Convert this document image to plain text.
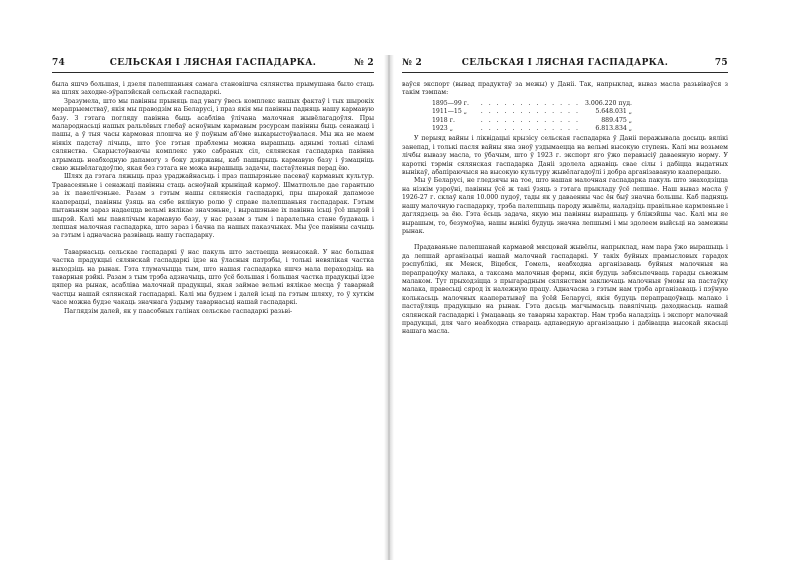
74	СЕЛЬСКАЯ І ЛЯСНАЯ ГАСПАДАРКА.	№ 2

была яшчэ большая, і дзеля палепшаньня самага становішча сялянства прымушана было стаць на шлях заходне-эўрапэйскай сельскай гаспадаркі.

Зразумела, што мы павінны прыняць пад увагу ўвесь комплекс нашых фактаў і тых шырокіх мерапрыемстваў, якія мы праводзім на Беларусі, і праз якія мы павінны падняць нашу кармавую базу. З гэтага погляду павінна быць асабліва ўлічана малочная жывёлагадоўля. Пры малароднасьці нашых ральлёвых глебаў асноўным кармавым рэсурсам павінны быць сенажаці і пашы, а ў тыя часы кармовая плошча не ў поўным аб'ёме выкарыстоўвалася. Мы жа не маем ніякіх падстаў лічыць, што ўсе гэтыя праблемы можна вырашыць аднымі толькі сіламі сялянства. Скарыстоўваючы комплекс ужо сабраных сіл, сялянская гаспадарка павінна атрымаць неабходную дапамогу з боку дзяржавы, каб пашырыць кармавую базу і ўзмацніць сваю жывёлагадоўлю, якая без гэтага не можа вырашыць задачы, пастаўленыя перад ёю.

Шлях да гэтага ляжыць праз ураджайнасьць і праз пашырэньне пасеваў кармавых культур. Травасеяньне і сенажаці павінны стаць асноўнай крыніцай кармоў. Шматпольле дае гарантыю за іх павелічэньне. Разам з гэтым нашы сялянскія гаспадаркі, пры шырокай дапамозе кааперацыі, павінны ўзяць на сябе вялікую ролю ў справе палепшаньня гаспадарак. Гэтым пытаньням зараз надаецца вельмі вялікае значэньне, і вырашэньне іх павінна ісьці ўсё шырэй і шырэй. Калі мы павялічым кармавую базу, у нас разам з тым і паралельна стане будаваць і лепшая малочная гаспадарка, што зараз і бачна па нашых паказчыках. Мы ўсе павінны сачыць за гэтым і адначасна развіваць нашу гаспадарку.

Таварнасьць сельскае гаспадаркі ў нас пакуль што застаецца невысокай. У нас большая частка прадукцыі сялянскай гаспадаркі ідзе на ўласныя патрэбы, і толькі невялікая частка выходзіць на рынак. Гэта тлумачыцца тым, што нашая гаспадарка яшчэ мала пераходзіць на таварныя рэйкі. Разам з тым трэба адзначыць, што ўсё большая і большая частка прадукцыі ідзе цяпер на рынак, асабліва малочнай прадукцыі, якая займае вельмі вялікае месца ў таварнай частцы нашай сялянскай гаспадаркі. Калі мы будзем і далей ісьці па гэтым шляху, то ў хуткім часе можна будзе чакаць значнага ўздыму таварнасьці нашай гаспадаркі.

Паглядзім далей, як у паасобных галінах сельскае гаспадаркі разьві-

№ 2	СЕЛЬСКАЯ І ЛЯСНАЯ ГАСПАДАРКА.	75

ваўся экспорт (вывад прадуктаў за межы) у Даніі. Так, напрыклад, вываз масла разьвіваўся з такім тэмпам:

1895—99 г.	. . . . . . . . . . . . . 3.006.220 пуд.
1911—15 „	. . . . . . . . . . . . .	5.648.031 „
1918 г.	. . . . . . . . . . . . .	889.475 „
1923 „	. . . . . . . . . . . . .	6.813.834 „

У перыяд вайны і ліквідацыі крызісу сельская гаспадарка ў Даніі перажывала досыць вялікі занепад, і толькі пасля вайны яна зноў уздымаецца на вельмі высокую ступень. Калі мы возьмем лічбы вывазу масла, то ўбачым, што ў 1923 г. экспорт яго ўжо перавысіў даваенную норму. У кароткі тэрмін сялянская гаспадарка Даніі здолела аднавіць свае сілы і дабіцца выдатных вынікаў, абапіраючыся на высокую культуру жывёлагадоўлі і добра арганізаваную кааперацыю.

Мы ў Беларусі, не гледзячы на тое, што нашая малочная гаспадарка пакуль што знаходзіцца на нізкім узроўні, павінны ўсё ж такі ўзяць з гэтага прыкладу ўсё лепшае. Наш вываз масла ў 1926-27 г. склаў каля 10.000 пудоў, тады як у даваенны час ён быў значна большы. Каб падняць нашу малочную гаспадарку, трэба палепшыць пароду жывёлы, наладзіць правільнае кармленьне і даглядзець за ёю. Гэта ёсьць задача, якую мы павінны вырашыць у бліжэйшы час. Калі мы яе вырашым, то, безумоўна, нашы вынікі будуць значна лепшымі і мы здолеем выйсьці на замежны рынак.

Прадаваньне палепшанай кармавой мясцовай жывёлы, напрыклад, нам пара ўжо вырашыць і да лепшай арганізацыі нашай малочнай гаспадаркі. У такіх буйных прамысловых гарадох рэспублікі, як Менск, Віцебск, Гомель, неабходна арганізаваць буйныя малочныя на перапрацоўку малака, а таксама малочныя фермы, якія будуць забясьпечваць гарады сьвежым малаком. Тут прыходзіцца з прыгарадным сялянствам заключаць малочныя ўмовы на пастаўку малака, правесьці сярод іх належную працу. Адначасна з гэтым нам трэба арганізаваць і пэўную колькасьць малочных кааператываў па ўсёй Беларусі, якія будуць перапрацоўваць малако і пастаўляць прадукцыю на рынак. Гэта дасьць магчымасьць павялічыць даходнасьць нашай сялянскай гаспадаркі і ўмацаваць яе таварны характар. Нам трэба наладзіць і экспорт малочнай прадукцыі, для чаго неабходна ствараць адпаведную арганізацыю і дабівацца высокай якасьці нашага масла.
